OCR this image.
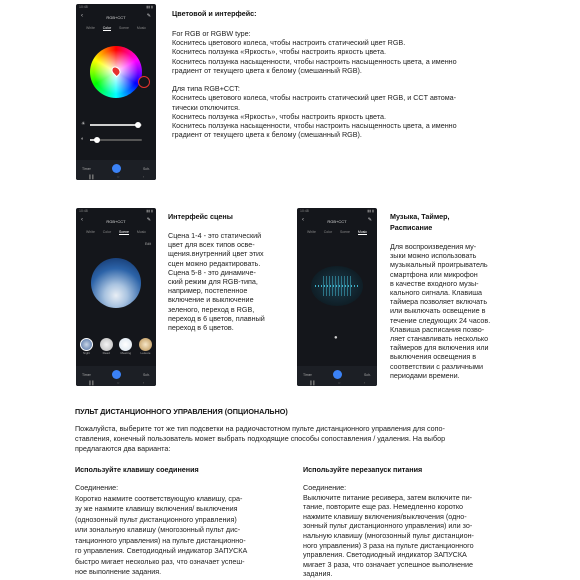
10:48	▮▮ ▮
‹	RGB+CCT	✎
White Color Scene Music
☀
◐
Timer	Sch.
▐▐	○	‹
Цветовой и интерфейс:
For RGB or RGBW type:
Коснитесь цветового колеса, чтобы настроить статический цвет RGB.
Коснитесь ползунка «Яркость», чтобы настроить яркость цвета.
Коснитесь ползунка насыщенности, чтобы настроить насыщенность цвета, а именно
градиент от текущего цвета к белому (смешанный RGB).
Для типа RGB+CCT:
Коснитесь цветового колеса, чтобы настроить статический цвет RGB, и CCT автома-
тически отключится.
Коснитесь ползунка «Яркость», чтобы настроить яркость цвета.
Коснитесь ползунка насыщенности, чтобы настроить насыщенность цвета, а именно
градиент от текущего цвета к белому (смешанный RGB).
10:48	▮▮ ▮
‹	RGB+CCT	✎
White Color Scene Music
Edit
Night	Read	Meeting	Leisure
Timer	Sch.
▐▐	○	‹
Интерфейс сцены
Сцена 1-4 - это статический
цвет для всех типов осве-
щения.внутренний цвет этих
сцен можно редактировать.
Сцена 5-8 - это динамиче-
ский режим для RGB-типа,
например, постепенное
включение и выключение
зеленого, переход в RGB,
переход в 6 цветов, плавный
переход в 6 цветов.
10:48	▮▮ ▮
‹	RGB+CCT	✎
White Color Scene Music
●
Timer	Sch.
▐▐	○	‹
Музыка, Таймер,
Расписание
Для воспроизведения му-
зыки можно использовать
музыкальный проигрыватель
смартфона или микрофон
в качестве входного музы-
кального сигнала. Клавиша
таймера позволяет включать
или выключать освещение в
течение следующих 24 часов.
Клавиша расписания позво-
ляет станавливать несколько
таймеров для включения или
выключения освещения в
соответствии с различными
периодами времени.
ПУЛЬТ ДИСТАНЦИОННОГО УПРАВЛЕНИЯ (ОПЦИОНАЛЬНО)
Пожалуйста, выберите тот же тип подсветки на радиочастотном пульте дистанционного управления для сопо-
ставления, конечный пользователь может выбрать подходящие способы сопоставления / удаления. На выбор
предлагаются два варианта:
Используйте клавишу соединения
Соединение:
Коротко нажмите соответствующую клавишу, сра-
зу же нажмите клавишу включения/ выключения
(однозонный пульт дистанционного управления)
или зональную клавишу (многозонный пульт дис-
танционного управления) на пульте дистанционно-
го управления. Светодиодный индикатор ЗАПУСКА
быстро мигает несколько раз, что означает успеш-
ное выполнение задания.
Используйте перезапуск питания
Соединение:
Выключите питание ресивера, затем включите пи-
тание, повторите еще раз. Немедленно коротко
нажмите клавишу включения/выключения (одно-
зонный пульт дистанционного управления) или зо-
нальную клавишу (многозонный пульт дистанцион-
ного управления) 3 раза на пульте дистанционного
управления. Светодиодный индикатор ЗАПУСКА
мигает 3 раза, что означает успешное выполнение
задания.
